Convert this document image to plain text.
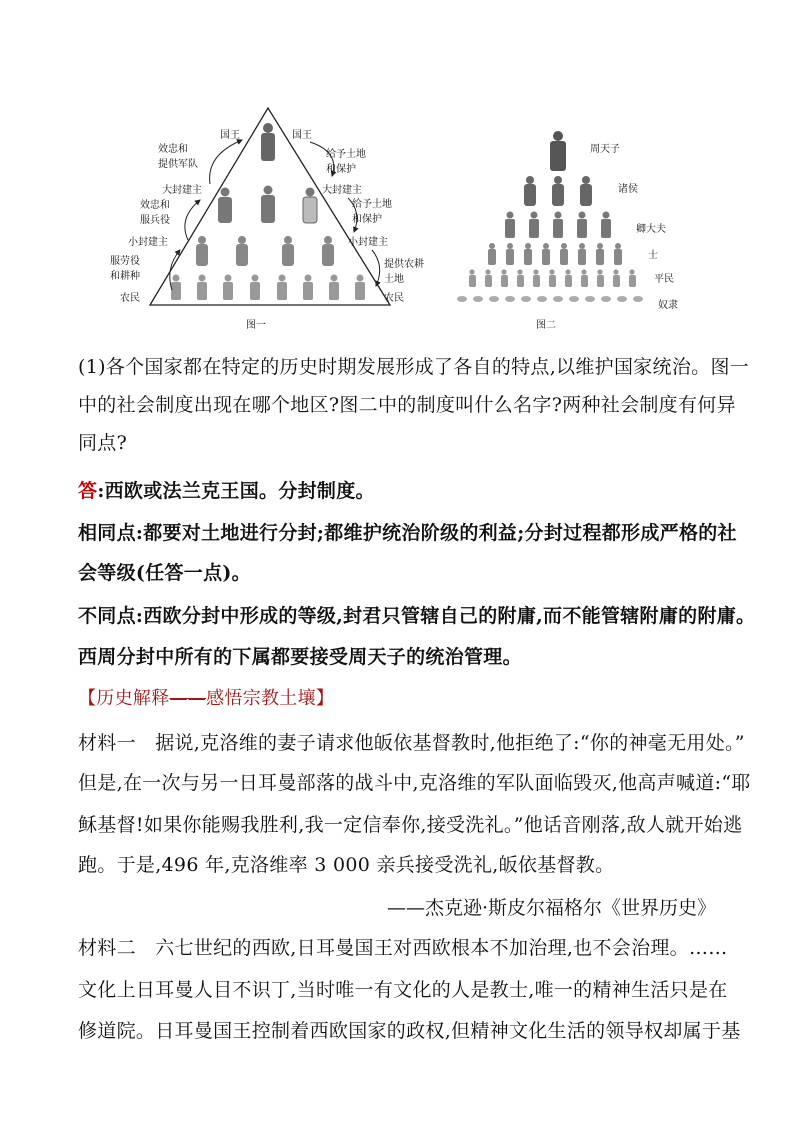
国王	国王
效忠和
提供军队
给予土地
和保护
大封建主	大封建主
效忠和
服兵役
给予土地
和保护
小封建主	小封建主
服劳役
和耕种
提供农耕
土地
农民	农民
图一
周天子
诸侯
卿大夫
士
平民
奴隶
图二
(1)各个国家都在特定的历史时期发展形成了各自的特点,以维护国家统治。图一
中的社会制度出现在哪个地区?图二中的制度叫什么名字?两种社会制度有何异
同点?
答:西欧或法兰克王国。分封制度。
相同点:都要对土地进行分封;都维护统治阶级的利益;分封过程都形成严格的社
会等级(任答一点)。
不同点:西欧分封中形成的等级,封君只管辖自己的附庸,而不能管辖附庸的附庸。
西周分封中所有的下属都要接受周天子的统治管理。
【历史解释——感悟宗教土壤】
材料一　据说,克洛维的妻子请求他皈依基督教时,他拒绝了:“你的神毫无用处。”
但是,在一次与另一日耳曼部落的战斗中,克洛维的军队面临毁灭,他高声喊道:“耶
稣基督!如果你能赐我胜利,我一定信奉你,接受洗礼。”他话音刚落,敌人就开始逃
跑。于是,496 年,克洛维率 3 000 亲兵接受洗礼,皈依基督教。
——杰克逊·斯皮尔福格尔《世界历史》
材料二　六七世纪的西欧,日耳曼国王对西欧根本不加治理,也不会治理。……
文化上日耳曼人目不识丁,当时唯一有文化的人是教士,唯一的精神生活只是在
修道院。日耳曼国王控制着西欧国家的政权,但精神文化生活的领导权却属于基
